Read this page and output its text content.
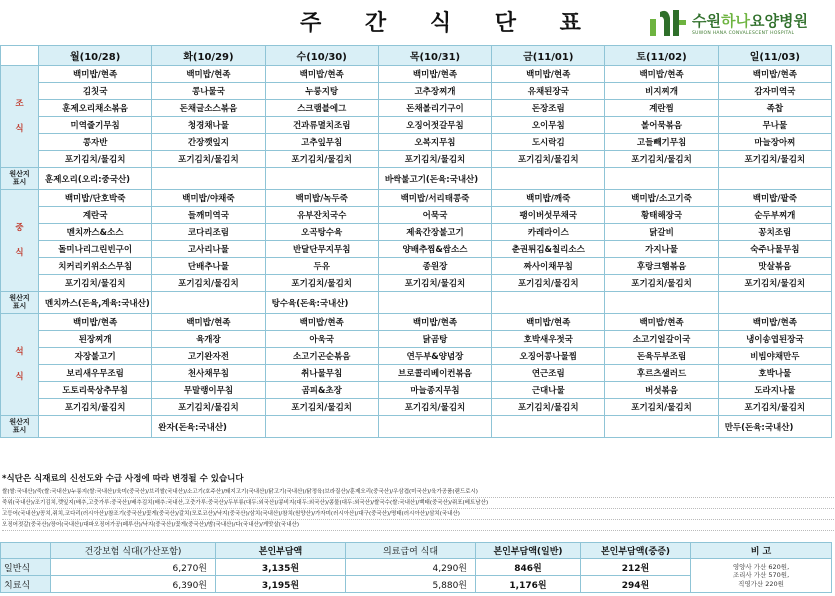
주 간 식 단 표	수원하나요양병원
SUWON HANA CONVALESCENT HOSPITAL
	월(10/28)	화(10/29)	수(10/30)	목(10/31)	금(11/01)	토(11/02)	일(11/03)

조
식	백미밥/현족	백미밥/현족	백미밥/현족	백미밥/현족	백미밥/현족	백미밥/현족	백미밥/현족
	김칫국	콩나물국	누룽지탕	고추장찌개	유채된장국	비지찌개	감자미역국
	훈제오리채소볶음	돈채글소스볶음	스크램블에그	돈채볼리기구이	돈장조림	계란찜	족찹
	미역줄기무침	청경채나물	건과류멸치조림	오징어젓갈무침	오이무침	볼어묵볶음	무나물
	콩자반	간장깻잎지	고추잎무침	오복지무침	도시락김	고들빼기무침	마늘장아찌
	포기김치/물김치	포기김치/물김치	포기김치/물김치	포기김치/물김치	포기김치/물김치	포기김치/물김치	포기김치/물김치

원산지
표시	훈제오리(오리:중국산)			바싹불고기(돈육:국내산)			

중
식	백미밥/단호박죽	백미밥/야채죽	백미밥/녹두죽	백미밥/서리태콩죽	백미밥/깨죽	백미밥/소고기죽	백미밥/팥죽
	계란국	들깨미역국	유부잔치국수	어묵국	팽이버섯무채국	황태해장국	순두부찌개
	멘치까스&소스	코다리조림	오곡탕수육	제육간장불고기	카레라이스	닭갈비	꽁치조림
	돌미나리그린빈구이	고사리나물	반달단무지무침	양배추찜&쌈소스	춘권튀김&칠리소스	가지나물	숙주나물무침
	치커리키위소스무침	단배추나물	두유	종원장	짜사이채무침	후랑크햄볶음	맛살볶음
	포기김치/물김치	포기김치/물김치	포기김치/물김치	포기김치/물김치	포기김치/물김치	포기김치/물김치	포기김치/물김치

원산지
표시	멘치까스(돈육,계육:국내산)		탕수육(돈육:국내산)				

석
식	백미밥/현족	백미밥/현족	백미밥/현족	백미밥/현족	백미밥/현족	백미밥/현족	백미밥/현족
	된장찌개	육개장	아욱국	닭곰탕	호박새우젓국	소고기얼갈이국	냉이송엽된장국
	자장불고기	고기완자전	소고기곤순볶음	연두부&양념장	오징어콩나물찜	돈육두부조림	비빔야채만두
	보리새우무조림	천사채무침	취나물무침	브로콜리베이컨볶음	연근조림	후르츠샐러드	호박나물
	도토리묵상추무침	무말랭이무침	곰피&초장	마늘종지무침	근대나물	버섯볶음	도라지나물
	포기김치/물김치	포기김치/물김치	포기김치/물김치	포기김치/물김치	포기김치/물김치	포기김치/물김치	포기김치/물김치

원산지
표시		완자(돈육:국내산)					만두(돈육:국내산)
*식단은 식재료의 신선도와 수급 사정에 따라 변경될 수 있습니다
쌀(쌀:국내산)/죽(쌀:국내산)/누룽지(쌀:국내산)/육미(중국산)/브리쌀(국내산)/소고기(호주산)/돼지고기(국내산)/닭고기(국내산)/닭정육(브라질산)/훈제오리(중국산)/우삼겹(미국산)/육가공품(랜드로시)
죽위(국내산)/조기김치,깻잎지(배추,고춧가루:중국산)/배추김치(배추:국내산,고춧가루:중국산)/두부류(대두:외국산)/콩비지(대두:외국산)/콩물(대두:외국산)/쌀국수(쌀:국내산)/백태(중국산)/쥐포(베트남산)
고등어(국내산)/꽁치,쥐치,코다리(러시아산)/참조기(중국산)/꽃게(중국산)/갈치(모로코산)/낙지(중국산)/삼치(국내산)/참치(원양산)/가자미(러시아산)/대구(중국산)/명태(러시아산)/삼치(국내산)
오징어젓갈(중국산)/장어(국내산)/대파오징어가공(페루산)/낙지(중국산)/꽃게(중국산)/밤(국내산)/다(국내산)/게맛살(국내산)
	건강보험 식대(가산포함)	본인부담액	의료급여 식대	본인부담액(일반)	본인부담액(중증)	비 고
일반식	6,270원	3,135원	4,290원	846원	212원	영양사 가산 620원,
조리사 가산 570원,
직영가산 220원

치료식	6,390원	3,195원	5,880원	1,176원	294원	
